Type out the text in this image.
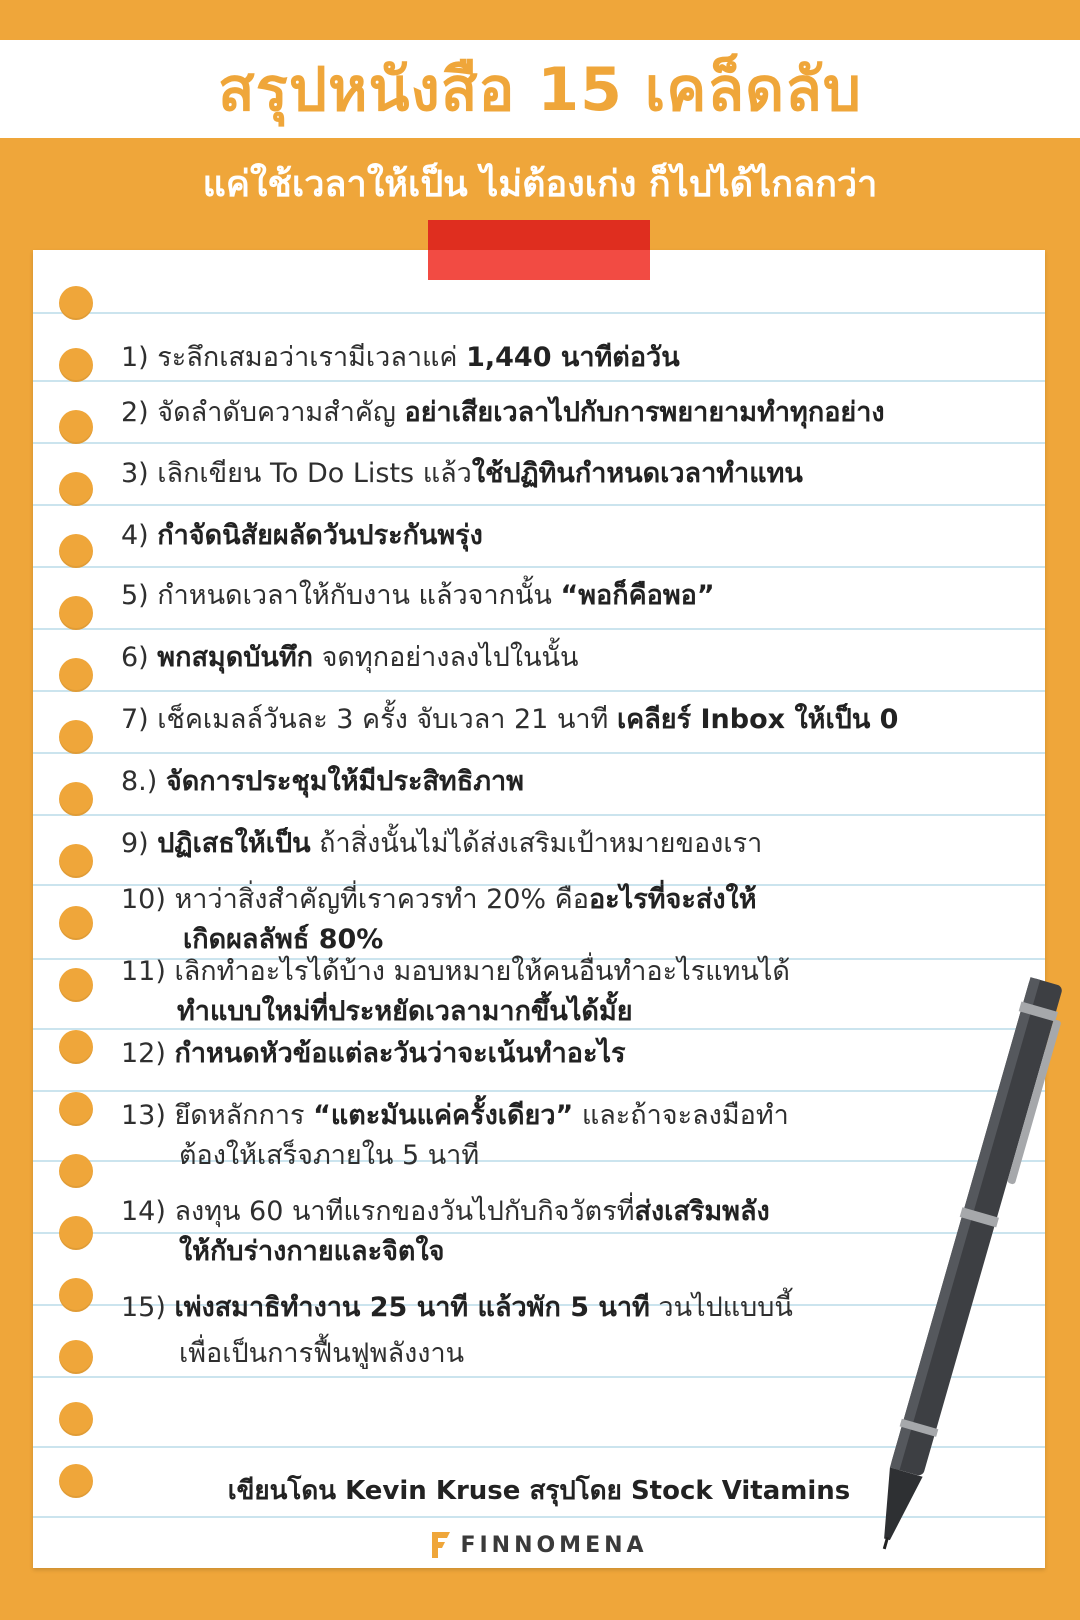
สรุปหนังสือ 15 เคล็ดลับ
แค่ใช้เวลาให้เป็น ไม่ต้องเก่ง ก็ไปได้ไกลกว่า
1) ระลึกเสมอว่าเรามีเวลาแค่ 1,440 นาทีต่อวัน
2) จัดลำดับความสำคัญ อย่าเสียเวลาไปกับการพยายามทำทุกอย่าง
3) เลิกเขียน To Do Lists แล้วใช้ปฏิทินกำหนดเวลาทำแทน
4) กำจัดนิสัยผลัดวันประกันพรุ่ง
5) กำหนดเวลาให้กับงาน แล้วจากนั้น “พอก็คือพอ”
6) พกสมุดบันทึก จดทุกอย่างลงไปในนั้น
7) เช็คเมลล์วันละ 3 ครั้ง จับเวลา 21 นาที เคลียร์ Inbox ให้เป็น 0
8.) จัดการประชุมให้มีประสิทธิภาพ
9) ปฏิเสธให้เป็น ถ้าสิ่งนั้นไม่ได้ส่งเสริมเป้าหมายของเรา
10) หาว่าสิ่งสำคัญที่เราควรทำ 20% คืออะไรที่จะส่งให้
เกิดผลลัพธ์ 80%
11) เลิกทำอะไรได้บ้าง มอบหมายให้คนอื่นทำอะไรแทนได้
ทำแบบใหม่ที่ประหยัดเวลามากขึ้นได้มั้ย
12) กำหนดหัวข้อแต่ละวันว่าจะเน้นทำอะไร
13) ยึดหลักการ “แตะมันแค่ครั้งเดียว” และถ้าจะลงมือทำ
ต้องให้เสร็จภายใน 5 นาที
14) ลงทุน 60 นาทีแรกของวันไปกับกิจวัตรที่ส่งเสริมพลัง
ให้กับร่างกายและจิตใจ
15) เพ่งสมาธิทำงาน 25 นาที แล้วพัก 5 นาที วนไปแบบนี้
เพื่อเป็นการฟื้นฟูพลังงาน
เขียนโดน Kevin Kruse สรุปโดย Stock Vitamins
FINNOMENA
